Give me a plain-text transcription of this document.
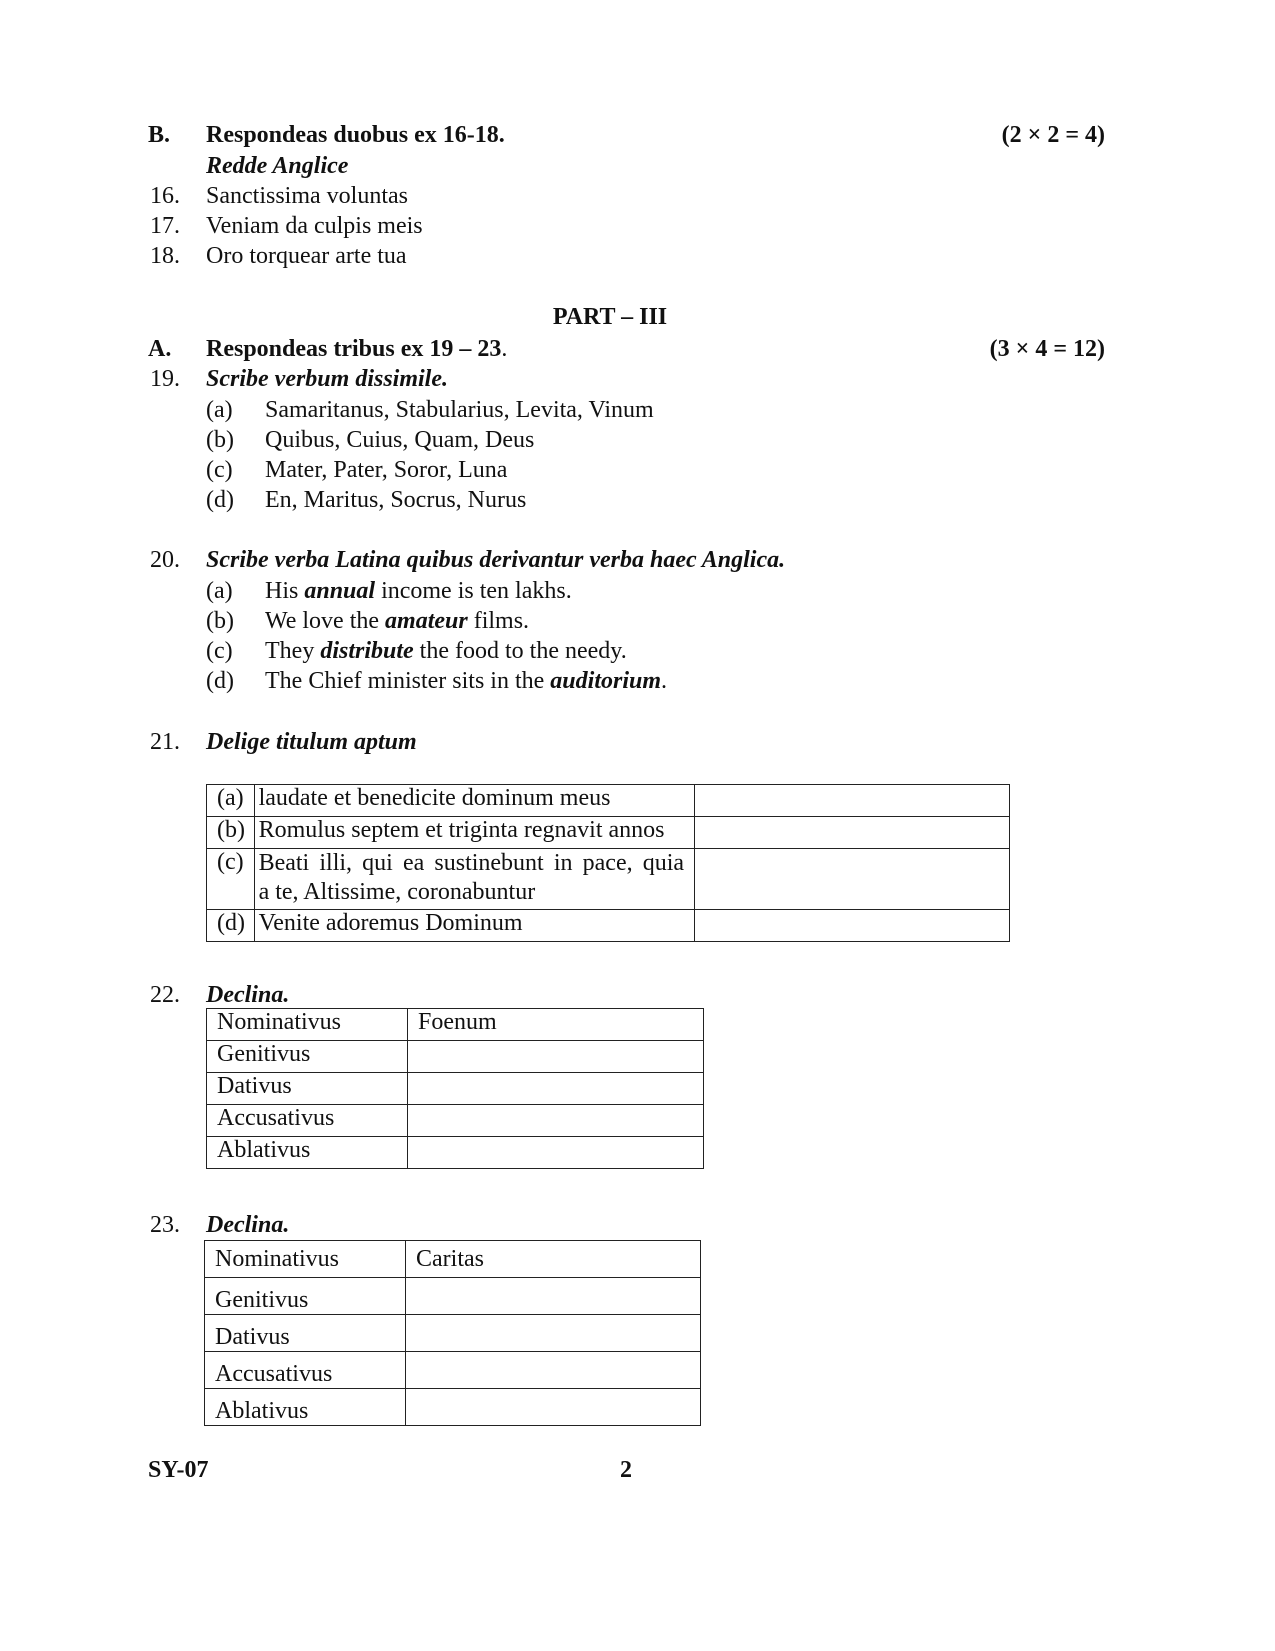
B. Respondeas duobus ex 16-18.	(2 × 2 = 4)
Redde Anglice
16. Sanctissima voluntas
17. Veniam da culpis meis
18. Oro torquear arte tua
PART – III
A. Respondeas tribus ex 19 – 23.	(3 × 4 = 12)
19. Scribe verbum dissimile.
(a) Samaritanus, Stabularius, Levita, Vinum
(b) Quibus, Cuius, Quam, Deus
(c) Mater, Pater, Soror, Luna
(d) En, Maritus, Socrus, Nurus
20. Scribe verba Latina quibus derivantur verba haec Anglica.
(a) His annual income is ten lakhs.
(b) We love the amateur films.
(c) They distribute the food to the needy.
(d) The Chief minister sits in the auditorium.
21. Delige titulum aptum
(a)	laudate et benedicite dominum meus	
(b)	Romulus septem et triginta regnavit annos	
(c)	Beati illi, qui ea sustinebunt in pace, quia
a te, Altissime, coronabuntur	

(d)	Venite adoremus Dominum	
22. Declina.
Nominativus	Foenum
Genitivus	
Dativus	
Accusativus	
Ablativus	
23. Declina.
Nominativus	Caritas
Genitivus	
Dativus	
Accusativus	
Ablativus	
SY-07	2
